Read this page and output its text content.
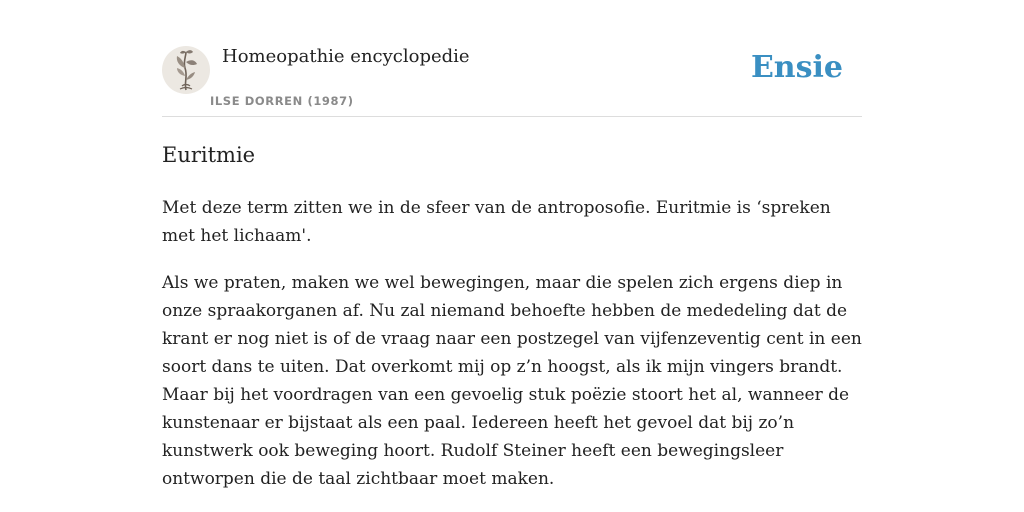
Homeopathie encyclopedie
ILSE DORREN (1987)
Ensie
Euritmie

Met deze term zitten we in de sfeer van de antroposofie. Euritmie is ‘spreken met het lichaam'.

Als we praten, maken we wel bewegingen, maar die spelen zich ergens diep in onze spraakorganen af. Nu zal niemand behoefte hebben de mededeling dat de krant er nog niet is of de vraag naar een postzegel van vijfenzeventig cent in een soort dans te uiten. Dat overkomt mij op z’n hoogst, als ik mijn vingers brandt. Maar bij het voordragen van een gevoelig stuk poëzie stoort het al, wanneer de kunstenaar er bijstaat als een paal. Iedereen heeft het gevoel dat bij zo’n kunstwerk ook beweging hoort. Rudolf Steiner heeft een bewegingsleer ontworpen die de taal zichtbaar moet maken.
